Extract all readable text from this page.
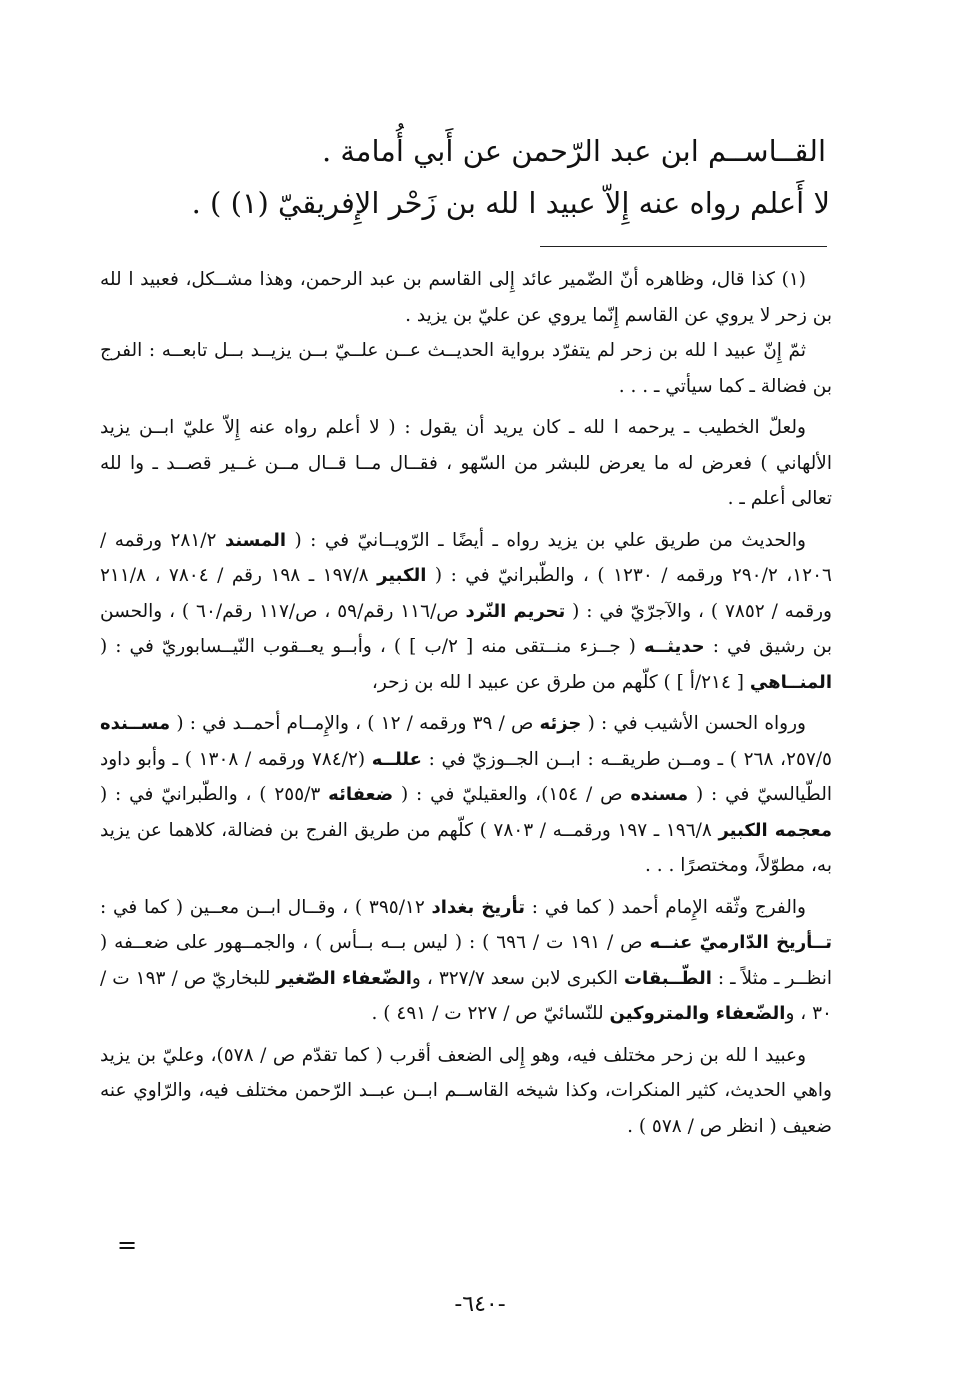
القــاســم ابن عبد الرّحمن عن أَبي أُمامة .
لا أَعلم رواه عنه إِلاّ عبيد ا لله بن زَحْر الإِفريقيّ (١) ) .

(١) كذا قال، وظاهره أنّ الضّمير عائد إِلى القاسم بن عبد الرحمن، وهذا مشــكل، فعبيد ا لله بن زحر لا يروي عن القاسم إِنّما يروي عن عليّ بن يزيد .

ثمّ إِنّ عبيد ا لله بن زحر لم يتفرّد برواية الحديــث عــن علــيّ بــن يزيــد بــل تابعــه : الفرج بن فضالة ـ كما سيأتي ـ . . .

ولعلّ الخطيب ـ يرحمه ا لله ـ كان يريد أن يقول : ( لا أعلم رواه عنه إِلاّ عليّ ابــن يزيد الألهاني ) فعرض له ما يعرض للبشر من السّهو ، فقــال مــا قــال مــن غــير قصــد ـ وا لله تعالى أعلم ـ .

والحديث من طريق علي بن يزيد رواه ـ أيضًا ـ الرّويــانيّ في : ( المسند ٢٨١/٢ ورقمه / ١٢٠٦، ٢٩٠/٢ ورقمه / ١٢٣٠ ) ، والطّبرانيّ في : ( الكبير ١٩٧/٨ ـ ١٩٨ رقم / ٧٨٠٤ ، ٢١١/٨ ورقمه / ٧٨٥٢ ) ، والآجرّيّ في : ( تحريم النّرد ص/١١٦ رقم/٥٩ ، ص/١١٧ رقم/٦٠ ) ، والحسن بن رشيق في : حديثــه ( جــزء منــتقى منه [ ٢/ب ] ) ، وأبــو يعــقوب النّيــسابوريّ في : ( المنــاهي [ ٢١٤/أ ] ) كلّهم من طرق عن عبيد ا لله بن زحر،

ورواه الحسن الأشيب في : ( جزئه ص / ٣٩ ورقمه / ١٢ ) ، والإِمــام أحمــد في : ( مســنده ٢٥٧/٥، ٢٦٨ ) ـ ومــن طريقــه : ابــن الجــوزيّ في : عللــه (٧٨٤/٢ ورقمه / ١٣٠٨ ) ـ وأبو داود الطّيالسيّ في : ( مسنده ص / ١٥٤)، والعقيليّ في : ( ضعفائه ٢٥٥/٣ ) ، والطّبرانيّ في : ( معجمه الكبير ١٩٦/٨ ـ ١٩٧ ورقمــه / ٧٨٠٣ ) كلّهم من طريق الفرج بن فضالة، كلاهما عن يزيد به، مطوّلاً، ومختصرًا . . .

والفرج وثّقه الإِمام أحمد ( كما في : تأريخ بغداد ٣٩٥/١٢ ) ، وقــال ابــن معــين ( كما في : تــأريخ الدّارميّ عنــه ص / ١٩١ ت / ٦٩٦ ) : ( ليس بــه بــأس ) ، والجمــهور على ضعــفه ( انظــر ـ مثلاً ـ : الطّــبقات الكبرى لابن سعد ٣٢٧/٧ ، والضّعفاء الصّغير للبخاريّ ص / ١٩٣ ت / ٣٠ ، والضّعفاء والمتروكين للنّسائيّ ص / ٢٢٧ ت / ٤٩١ ) .

وعبيد ا لله بن زحر مختلف فيه، وهو إِلى الضعف أقرب ( كما تقدّم ص / ٥٧٨)، وعليّ بن يزيد واهي الحديث، كثير المنكرات، وكذا شيخه القاســم ابــن عبــد الرّحمن مختلف فيه، والرّاوي عنه ضعيف ( انظر ص / ٥٧٨ ) .

=
-٦٤٠-
